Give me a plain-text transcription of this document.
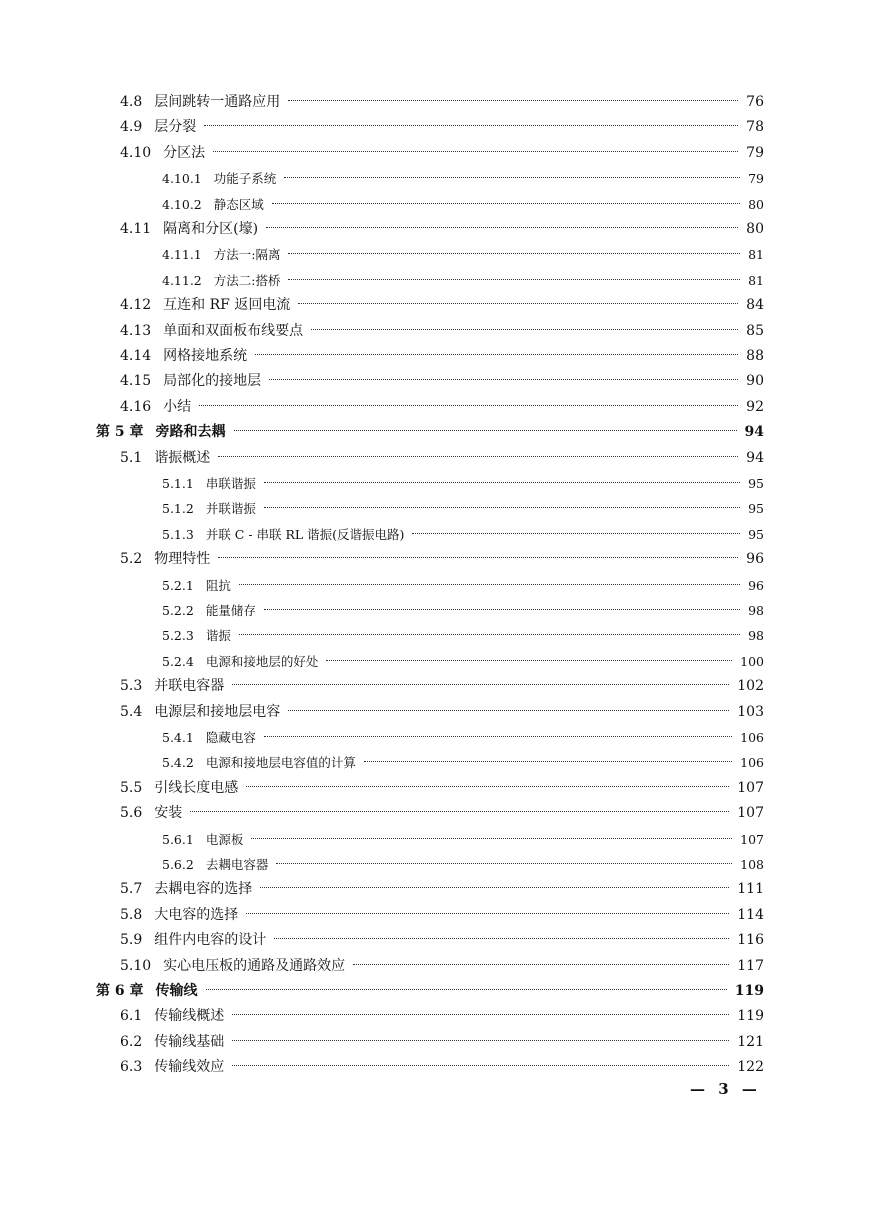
4.8 层间跳转一通路应用	76
4.9 层分裂	78
4.10 分区法	79
4.10.1 功能子系统	79
4.10.2 静态区域	80
4.11 隔离和分区(壕)	80
4.11.1 方法一:隔离	81
4.11.2 方法二:搭桥	81
4.12 互连和 RF 返回电流	84
4.13 单面和双面板布线要点	85
4.14 网格接地系统	88
4.15 局部化的接地层	90
4.16 小结	92
第 5 章 旁路和去耦	94
5.1 谐振概述	94
5.1.1 串联谐振	95
5.1.2 并联谐振	95
5.1.3 并联 C - 串联 RL 谐振(反谐振电路)	95
5.2 物理特性	96
5.2.1 阻抗	96
5.2.2 能量储存	98
5.2.3 谐振	98
5.2.4 电源和接地层的好处	100
5.3 并联电容器	102
5.4 电源层和接地层电容	103
5.4.1 隐藏电容	106
5.4.2 电源和接地层电容值的计算	106
5.5 引线长度电感	107
5.6 安装	107
5.6.1 电源板	107
5.6.2 去耦电容器	108
5.7 去耦电容的选择	111
5.8 大电容的选择	114
5.9 组件内电容的设计	116
5.10 实心电压板的通路及通路效应	117
第 6 章 传输线	119
6.1 传输线概述	119
6.2 传输线基础	121
6.3 传输线效应	122
— 3 —
